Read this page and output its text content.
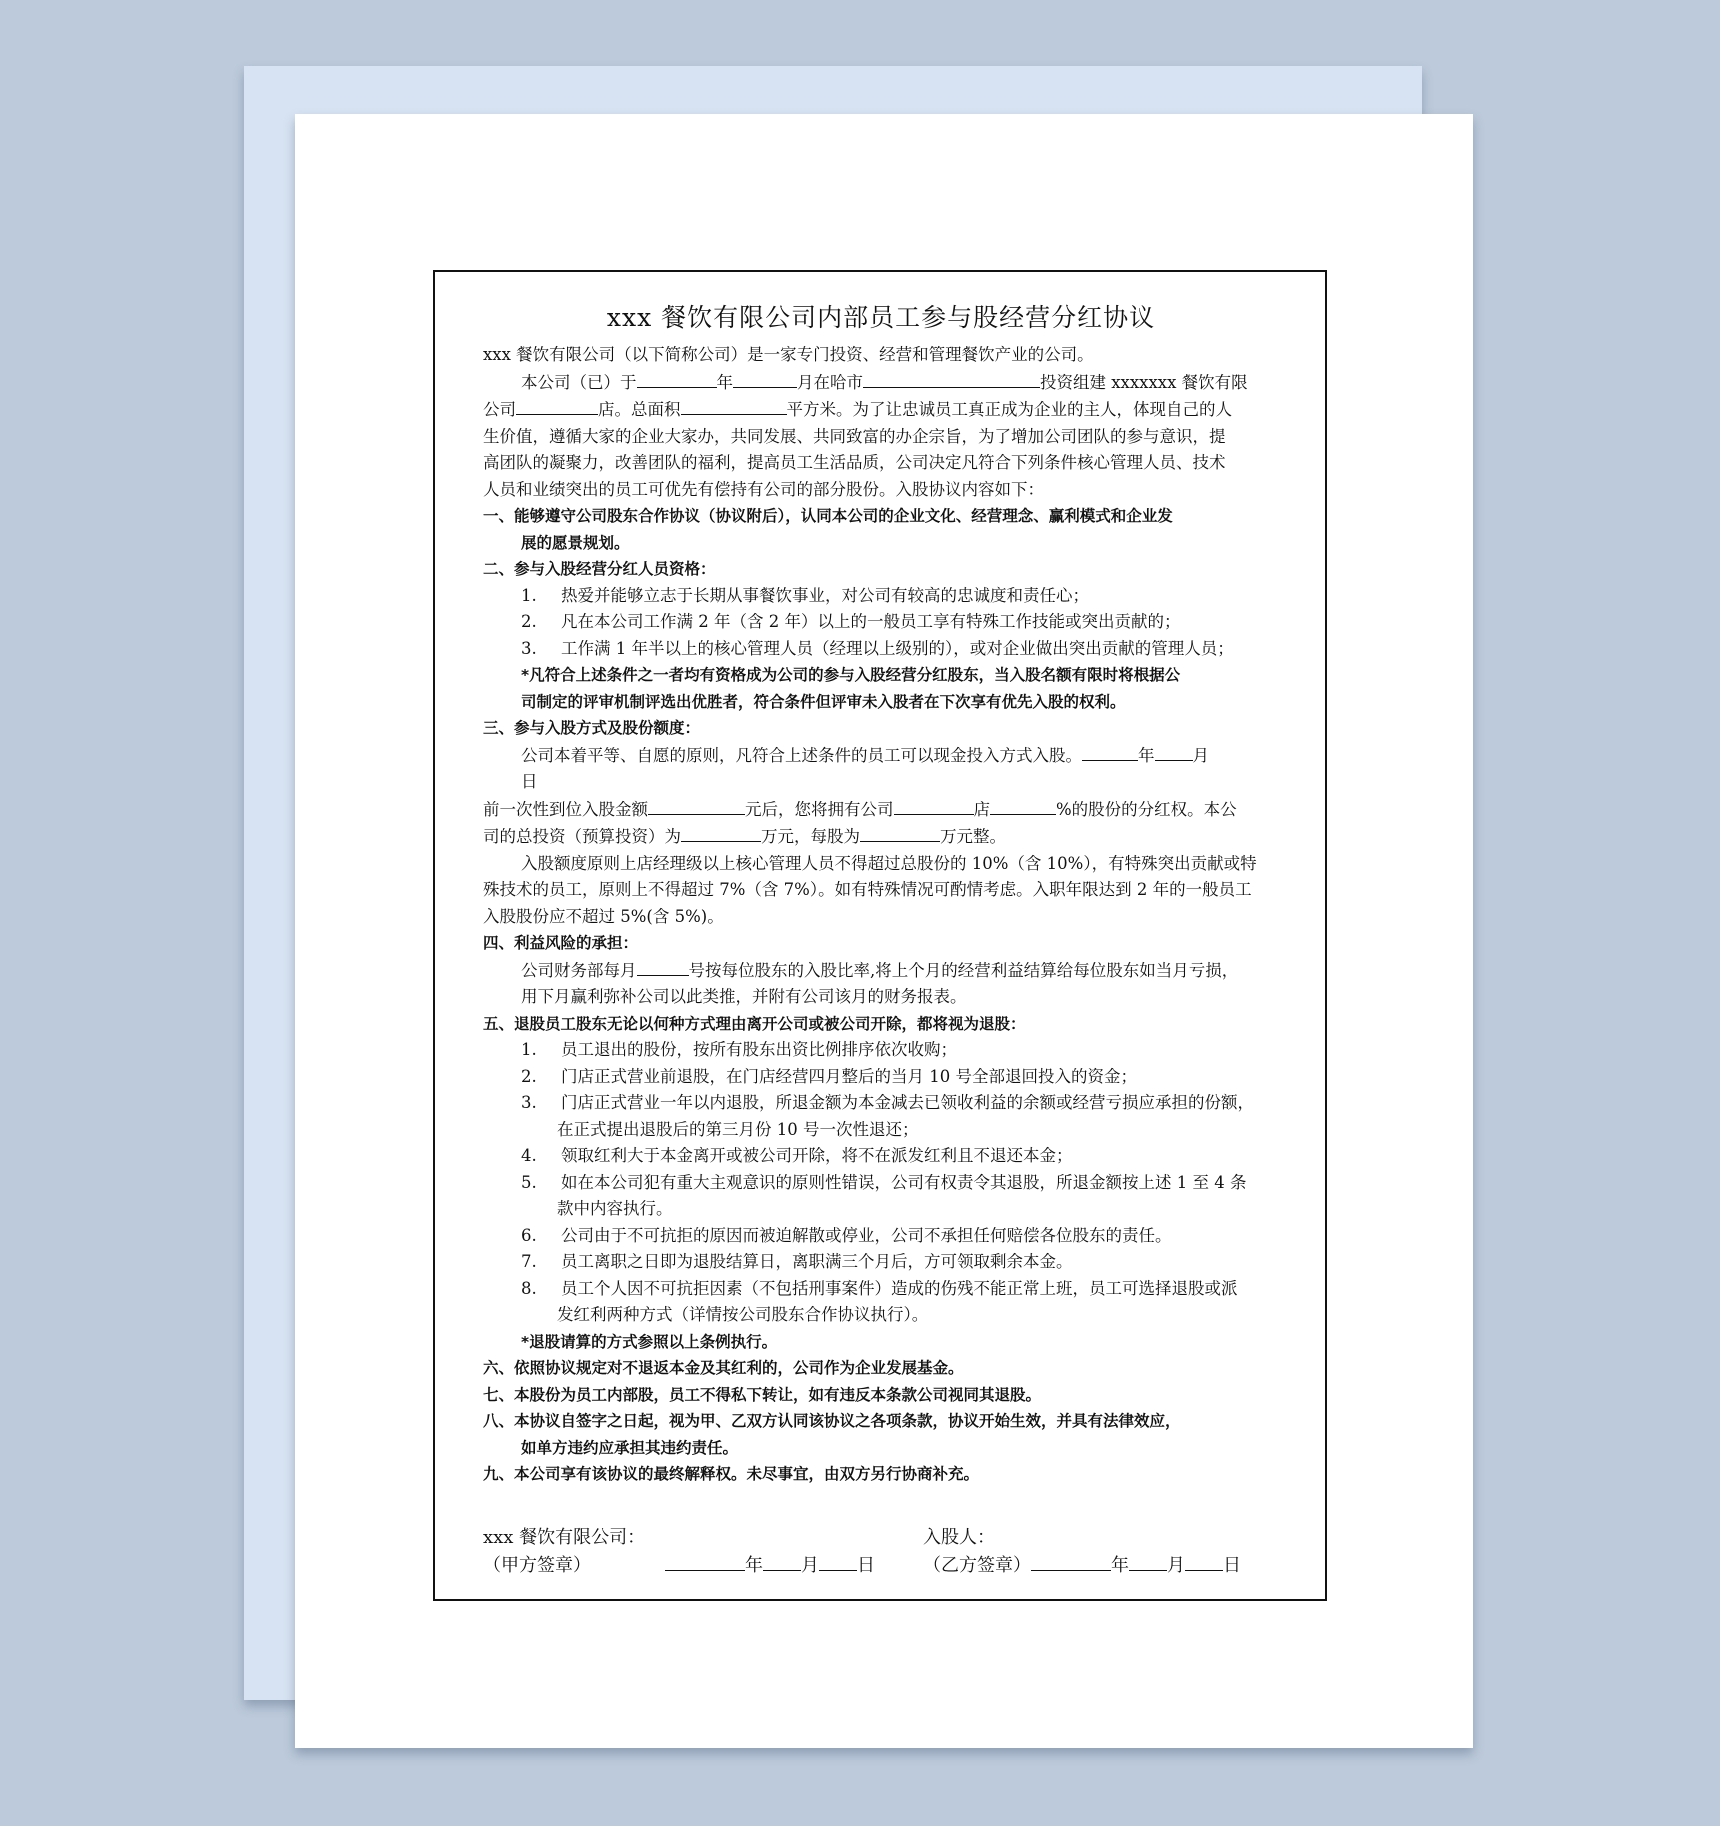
xxx 餐饮有限公司内部员工参与股经营分红协议
xxx 餐饮有限公司（以下简称公司）是一家专门投资、经营和管理餐饮产业的公司。
本公司（已）于	年	月在哈市	投资组建 xxxxxxx 餐饮有限
公司	店。总面积	平方米。为了让忠诚员工真正成为企业的主人，体现自己的人
生价值，遵循大家的企业大家办，共同发展、共同致富的办企宗旨，为了增加公司团队的参与意识，提
高团队的凝聚力，改善团队的福利，提高员工生活品质，公司决定凡符合下列条件核心管理人员、技术
人员和业绩突出的员工可优先有偿持有公司的部分股份。入股协议内容如下：
一、能够遵守公司股东合作协议（协议附后），认同本公司的企业文化、经营理念、赢利模式和企业发
展的愿景规划。
二、参与入股经营分红人员资格：
1. 热爱并能够立志于长期从事餐饮事业，对公司有较高的忠诚度和责任心；
2. 凡在本公司工作满 2 年（含 2 年）以上的一般员工享有特殊工作技能或突出贡献的；
3. 工作满 1 年半以上的核心管理人员（经理以上级别的），或对企业做出突出贡献的管理人员；
*凡符合上述条件之一者均有资格成为公司的参与入股经营分红股东，当入股名额有限时将根据公
司制定的评审机制评选出优胜者，符合条件但评审未入股者在下次享有优先入股的权利。
三、参与入股方式及股份额度：
公司本着平等、自愿的原则，凡符合上述条件的员工可以现金投入方式入股。	年 月
日
前一次性到位入股金额	元后，您将拥有公司	店	%的股份的分红权。本公
司的总投资（预算投资）为	万元，每股为	万元整。
入股额度原则上店经理级以上核心管理人员不得超过总股份的 10%（含 10%），有特殊突出贡献或特
殊技术的员工，原则上不得超过 7%（含 7%）。如有特殊情况可酌情考虑。入职年限达到 2 年的一般员工
入股股份应不超过 5%(含 5%)。
四、利益风险的承担：
公司财务部每月	号按每位股东的入股比率,将上个月的经营利益结算给每位股东如当月亏损，
用下月赢利弥补公司以此类推，并附有公司该月的财务报表。
五、退股员工股东无论以何种方式理由离开公司或被公司开除，都将视为退股：
1. 员工退出的股份，按所有股东出资比例排序依次收购；
2. 门店正式营业前退股，在门店经营四月整后的当月 10 号全部退回投入的资金；
3. 门店正式营业一年以内退股，所退金额为本金减去已领收利益的余额或经营亏损应承担的份额，
在正式提出退股后的第三月份 10 号一次性退还；
4. 领取红利大于本金离开或被公司开除，将不在派发红利且不退还本金；
5. 如在本公司犯有重大主观意识的原则性错误，公司有权责令其退股，所退金额按上述 1 至 4 条
款中内容执行。
6. 公司由于不可抗拒的原因而被迫解散或停业，公司不承担任何赔偿各位股东的责任。
7. 员工离职之日即为退股结算日，离职满三个月后，方可领取剩余本金。
8. 员工个人因不可抗拒因素（不包括刑事案件）造成的伤残不能正常上班，员工可选择退股或派
发红利两种方式（详情按公司股东合作协议执行）。
*退股请算的方式参照以上条例执行。
六、依照协议规定对不退返本金及其红利的，公司作为企业发展基金。
七、本股份为员工内部股，员工不得私下转让，如有违反本条款公司视同其退股。
八、本协议自签字之日起，视为甲、乙双方认同该协议之各项条款，协议开始生效，并具有法律效应，
如单方违约应承担其违约责任。
九、本公司享有该协议的最终解释权。未尽事宜，由双方另行协商补充。
xxx 餐饮有限公司：
（甲方签章）	年 月 日
入股人：
（乙方签章）	年 月 日
